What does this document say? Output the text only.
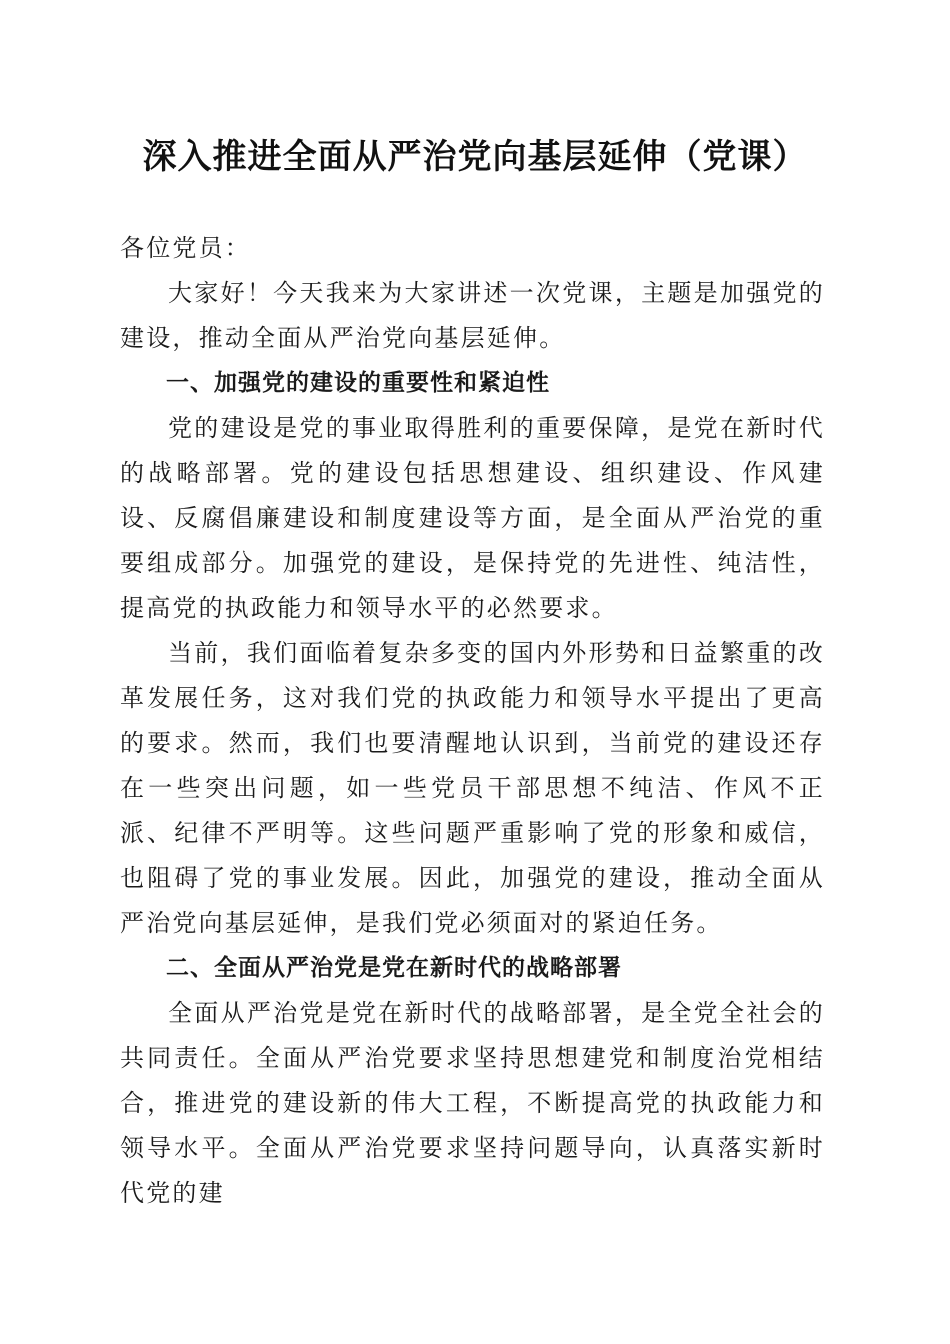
深入推进全面从严治党向基层延伸（党课）

各位党员：

大家好！今天我来为大家讲述一次党课，主题是加强党的建设，推动全面从严治党向基层延伸。

一、加强党的建设的重要性和紧迫性

党的建设是党的事业取得胜利的重要保障，是党在新时代的战略部署。党的建设包括思想建设、组织建设、作风建设、反腐倡廉建设和制度建设等方面，是全面从严治党的重要组成部分。加强党的建设，是保持党的先进性、纯洁性，提高党的执政能力和领导水平的必然要求。

当前，我们面临着复杂多变的国内外形势和日益繁重的改革发展任务，这对我们党的执政能力和领导水平提出了更高的要求。然而，我们也要清醒地认识到，当前党的建设还存在一些突出问题，如一些党员干部思想不纯洁、作风不正派、纪律不严明等。这些问题严重影响了党的形象和威信，也阻碍了党的事业发展。因此，加强党的建设，推动全面从严治党向基层延伸，是我们党必须面对的紧迫任务。

二、全面从严治党是党在新时代的战略部署

全面从严治党是党在新时代的战略部署，是全党全社会的共同责任。全面从严治党要求坚持思想建党和制度治党相结合，推进党的建设新的伟大工程，不断提高党的执政能力和领导水平。全面从严治党要求坚持问题导向，认真落实新时代党的建
